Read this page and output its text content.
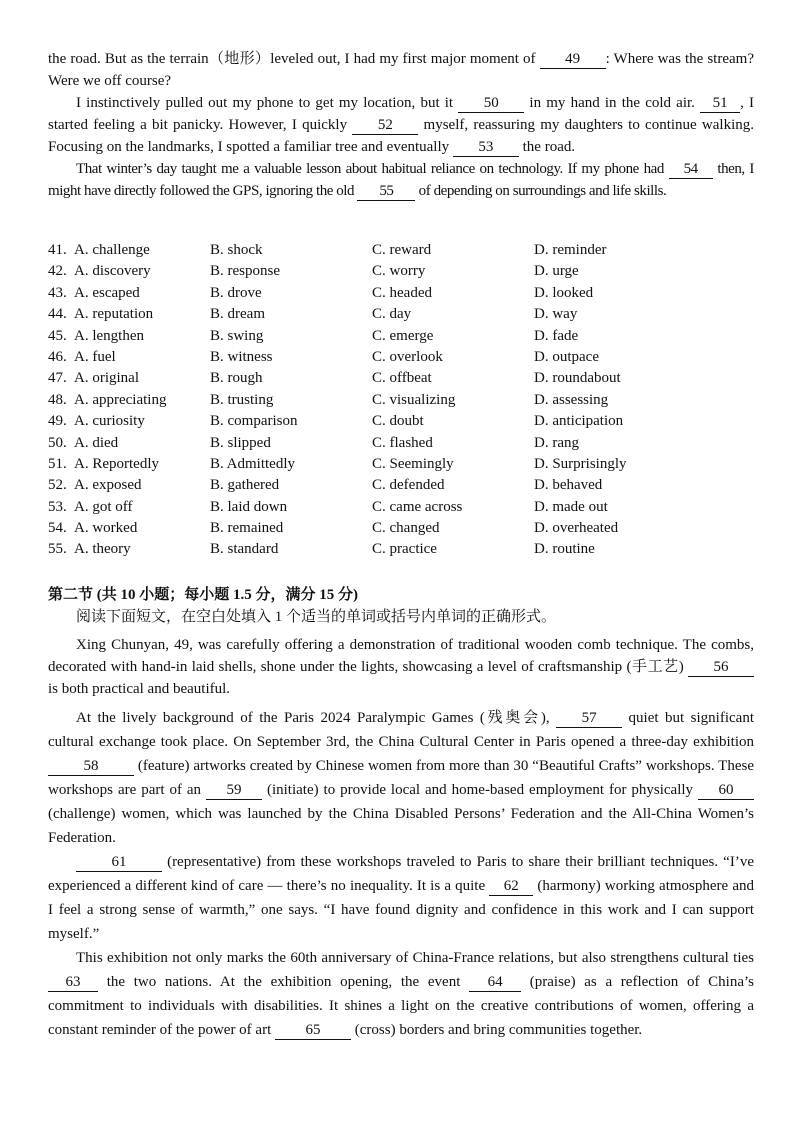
the road. But as the terrain（地形）leveled out, I had my first major moment of 49 : Where was the stream? Were we off course?

I instinctively pulled out my phone to get my location, but it 50 in my hand in the cold air. 51 , I started feeling a bit panicky. However, I quickly 52 myself, reassuring my daughters to continue walking. Focusing on the landmarks, I spotted a familiar tree and eventually 53 the road.

That winter’s day taught me a valuable lesson about habitual reliance on technology. If my phone had 54 then, I might have directly followed the GPS, ignoring the old 55 of depending on surroundings and life skills.

41. A. challenge	B. shock	C. reward	D. reminder
42. A. discovery	B. response	C. worry	D. urge
43. A. escaped	B. drove	C. headed	D. looked
44. A. reputation	B. dream	C. day	D. way
45. A. lengthen	B. swing	C. emerge	D. fade
46. A. fuel	B. witness	C. overlook	D. outpace
47. A. original	B. rough	C. offbeat	D. roundabout
48. A. appreciating	B. trusting	C. visualizing	D. assessing
49. A. curiosity	B. comparison	C. doubt	D. anticipation
50. A. died	B. slipped	C. flashed	D. rang
51. A. Reportedly	B. Admittedly	C. Seemingly	D. Surprisingly
52. A. exposed	B. gathered	C. defended	D. behaved
53. A. got off	B. laid down	C. came across	D. made out
54. A. worked	B. remained	C. changed	D. overheated
55. A. theory	B. standard	C. practice	D. routine
第二节 (共 10 小题；每小题 1.5 分，满分 15 分)
阅读下面短文，在空白处填入 1 个适当的单词或括号内单词的正确形式。

Xing Chunyan, 49, was carefully offering a demonstration of traditional wooden comb technique. The combs, decorated with hand-in laid shells, shone under the lights, showcasing a level of craftsmanship (手工艺) 56 is both practical and beautiful.

At the lively background of the Paris 2024 Paralympic Games (残奥会), 57 quiet but significant cultural exchange took place. On September 3rd, the China Cultural Center in Paris opened a three-day exhibition 58 (feature) artworks created by Chinese women from more than 30 “Beautiful Crafts” workshops. These workshops are part of an 59 (initiate) to provide local and home-based employment for physically 60 (challenge) women, which was launched by the China Disabled Persons’ Federation and the All-China Women’s Federation.

61 (representative) from these workshops traveled to Paris to share their brilliant techniques. “I’ve experienced a different kind of care — there’s no inequality. It is a quite 62 (harmony) working atmosphere and I feel a strong sense of warmth,” one says. “I have found dignity and confidence in this work and I can support myself.”

This exhibition not only marks the 60th anniversary of China-France relations, but also strengthens cultural ties 63 the two nations. At the exhibition opening, the event 64 (praise) as a reflection of China’s commitment to individuals with disabilities. It shines a light on the creative contributions of women, offering a constant reminder of the power of art 65 (cross) borders and bring communities together.
